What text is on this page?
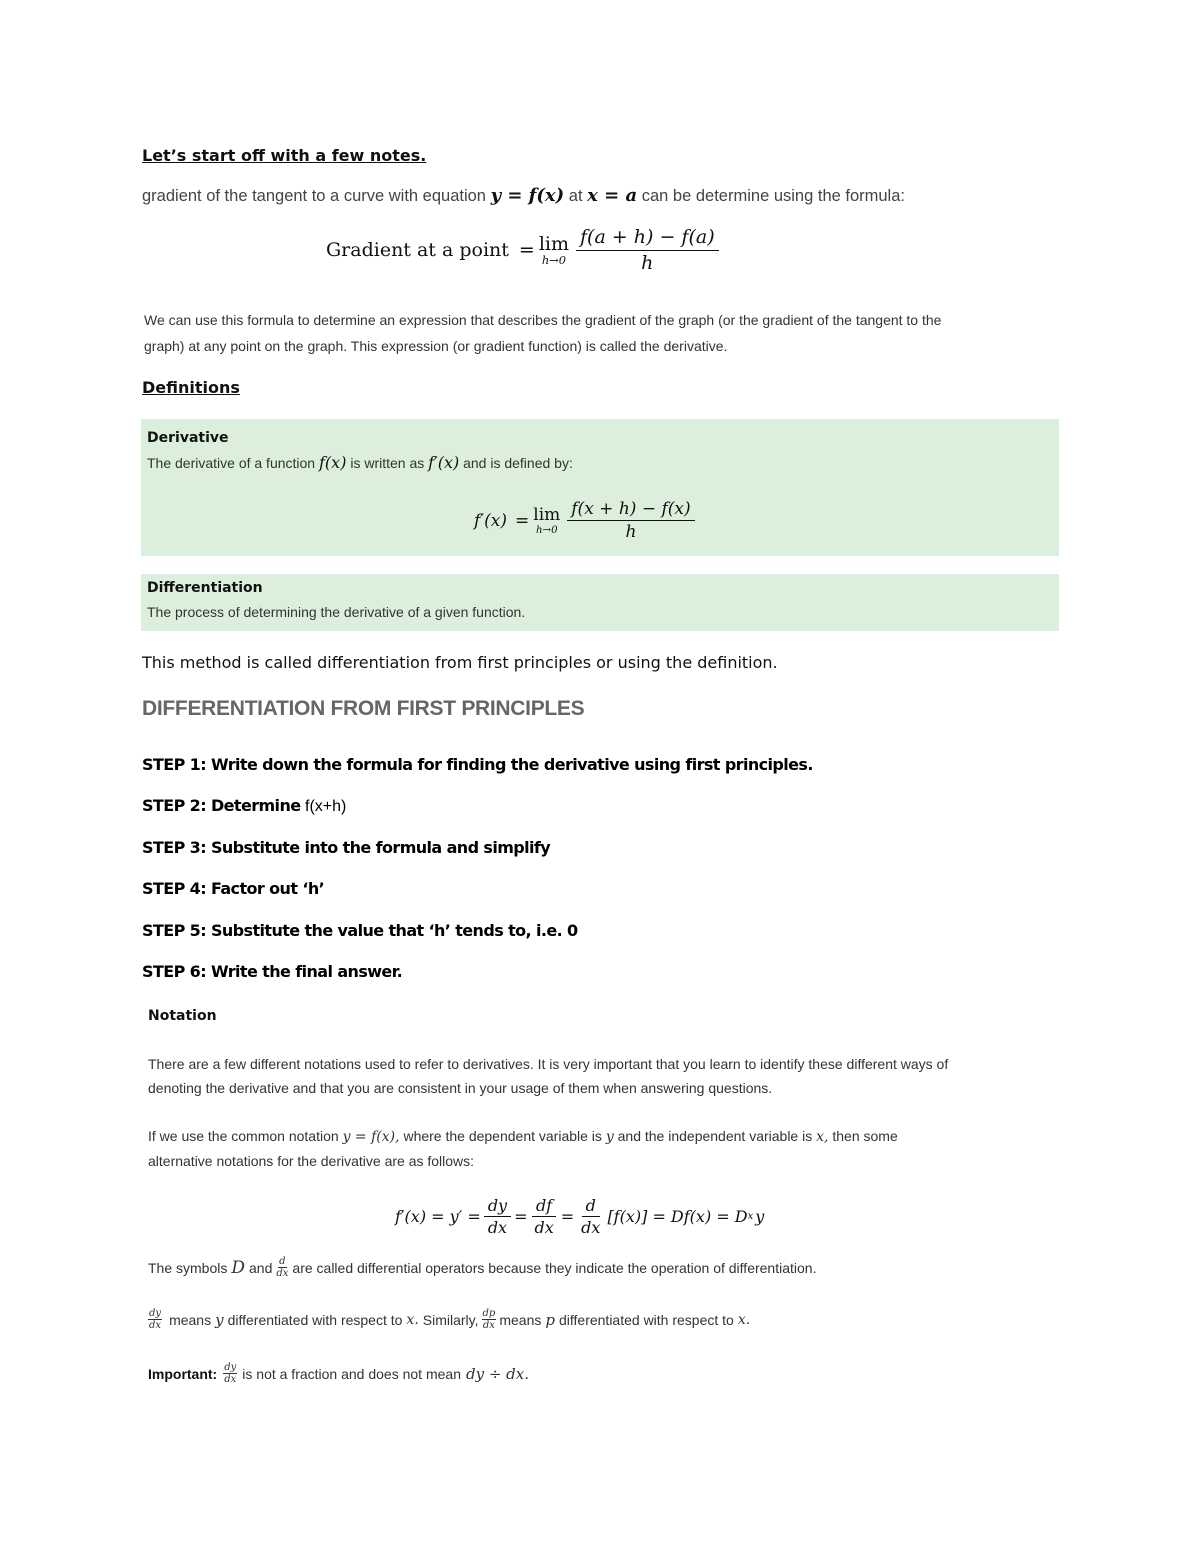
Let’s start off with a few notes.
gradient of the tangent to a curve with equation y = f(x) at x = a can be determine using the formula:
Gradient at a point = lim
$h\to 0 \frac{f(a + h) - f(a)}{h}$
We can use this formula to determine an expression that describes the gradient of the graph (or the gradient of the tangent to the
graph) at any point on the graph. This expression (or gradient function) is called the derivative.
Definitions
Derivative
The derivative of a function f(x) is written as f′(x) and is defined by:
f′(x) = lim
$h\to 0 \frac{f(x + h) - f(x)}{h}$
Differentiation
The process of determining the derivative of a given function.
This method is called differentiation from first principles or using the definition.
DIFFERENTIATION FROM FIRST PRINCIPLES
STEP 1: Write down the formula for finding the derivative using first principles.
STEP 2: Determine f(x+h)
STEP 3: Substitute into the formula and simplify
STEP 4: Factor out ‘h’
STEP 5: Substitute the value that ‘h’ tends to, i.e. 0
STEP 6: Write the final answer.
Notation
There are a few different notations used to refer to derivatives. It is very important that you learn to identify these different ways of
denoting the derivative and that you are consistent in your usage of them when answering questions.
If we use the common notation y = f(x), where the dependent variable is y and the independent variable is x, then some
alternative notations for the derivative are as follows:
$f'(x) = y' = \frac{dy}{dx} = \frac{df}{dx} = \frac{d}{dx} [f(x)] = Df(x) = D$ x y
The symbols D and $\frac{d}{dx}$ are called differential operators because they indicate the operation of differentiation.
$\frac{dy}{dx}$ means y differentiated with respect to x. Similarly, $\frac{dp}{dx}$ means p differentiated with respect to x.
Important: $\frac{dy}{dx}$ is not a fraction and does not mean dy ÷ dx.
